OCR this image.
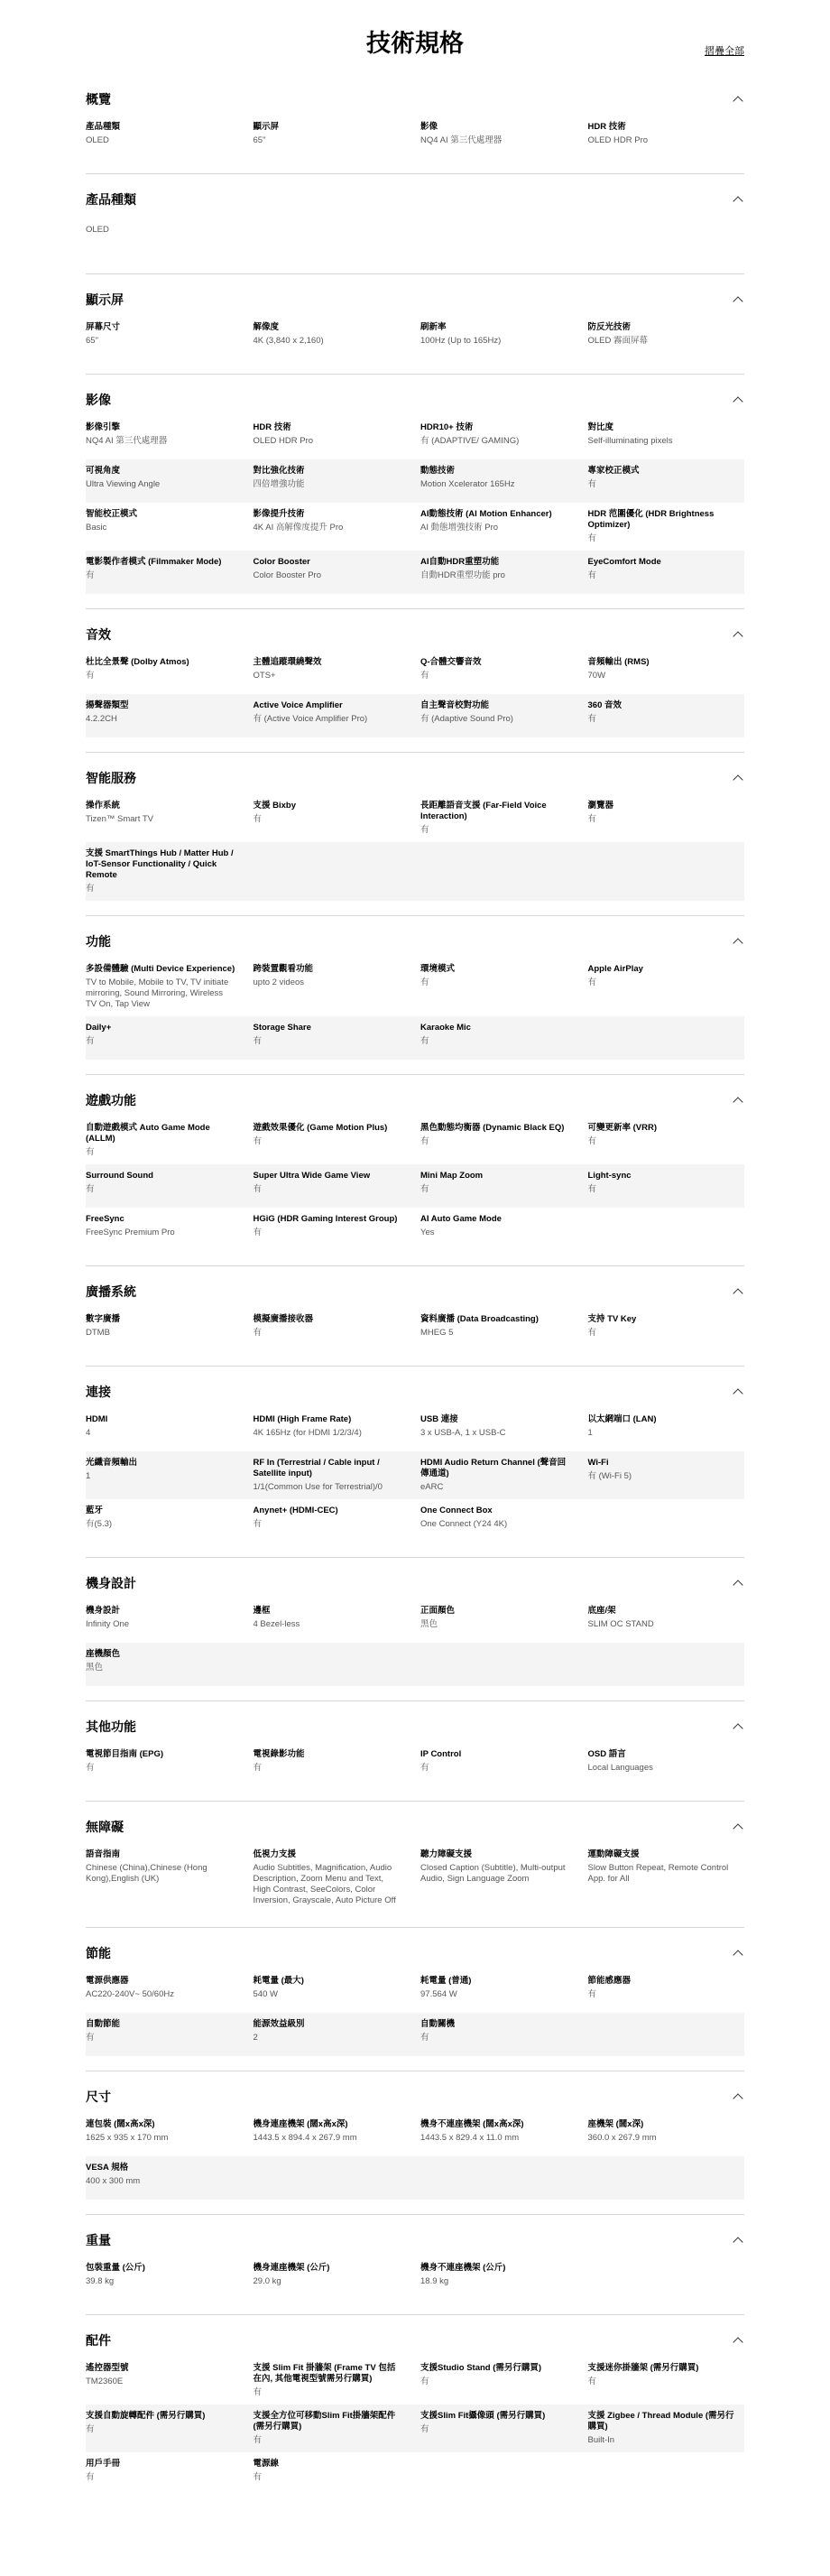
技術規格	摺疊全部
概覽
產品種類
OLED
顯示屏
65"
影像
NQ4 AI 第三代處理器
HDR 技術
OLED HDR Pro
產品種類
OLED
顯示屏
屏幕尺寸
65"
解像度
4K (3,840 x 2,160)
刷新率
100Hz (Up to 165Hz)
防反光技術
OLED 霧面屏幕
影像
影像引擎
NQ4 AI 第三代處理器
HDR 技術
OLED HDR Pro
HDR10+ 技術
有 (ADAPTIVE/ GAMING)
對比度
Self-illuminating pixels
可視角度
Ultra Viewing Angle
對比強化技術
四倍增強功能
動態技術
Motion Xcelerator 165Hz
專家校正模式
有
智能校正模式
Basic
影像提升技術
4K AI 高解像度提升 Pro
AI動態技術 (AI Motion Enhancer)
AI 動態增強技術 Pro
HDR 范圍優化 (HDR Brightness Optimizer)
有
電影製作者模式 (Filmmaker Mode)
有
Color Booster
Color Booster Pro
AI自動HDR重塑功能
自動HDR重塑功能 pro
EyeComfort Mode
有
音效
杜比全景聲 (Dolby Atmos)
有
主體追蹤環繞聲效
OTS+
Q-合體交響音效
有
音頻輸出 (RMS)
70W
揚聲器類型
4.2.2CH
Active Voice Amplifier
有 (Active Voice Amplifier Pro)
自主聲音校對功能
有 (Adaptive Sound Pro)
360 音效
有
智能服務
操作系統
Tizen™ Smart TV
支援 Bixby
有
長距離語音支援 (Far-Field Voice Interaction)
有
瀏覽器
有
支援 SmartThings Hub / Matter Hub / IoT-Sensor Functionality / Quick Remote
有
功能
多設備體驗 (Multi Device Experience)
TV to Mobile, Mobile to TV, TV initiate mirroring, Sound Mirroring, Wireless TV On, Tap View
跨裝置觀看功能
upto 2 videos
環境模式
有
Apple AirPlay
有
Daily+
有
Storage Share
有
Karaoke Mic
有
遊戲功能
自動遊戲模式 Auto Game Mode (ALLM)
有
遊戲效果優化 (Game Motion Plus)
有
黑色動態均衡器 (Dynamic Black EQ)
有
可變更新率 (VRR)
有
Surround Sound
有
Super Ultra Wide Game View
有
Mini Map Zoom
有
Light-sync
有
FreeSync
FreeSync Premium Pro
HGiG (HDR Gaming Interest Group)
有
AI Auto Game Mode
Yes
廣播系統
數字廣播
DTMB
模擬廣播接收器
有
資料廣播 (Data Broadcasting)
MHEG 5
支持 TV Key
有
連接
HDMI
4
HDMI (High Frame Rate)
4K 165Hz (for HDMI 1/2/3/4)
USB 連接
3 x USB-A, 1 x USB-C
以太網端口 (LAN)
1
光纖音頻輸出
1
RF In (Terrestrial / Cable input / Satellite input)
1/1(Common Use for Terrestrial)/0
HDMI Audio Return Channel (聲音回傳通道)
eARC
Wi-Fi
有 (Wi-Fi 5)
藍牙
有(5.3)
Anynet+ (HDMI-CEC)
有
One Connect Box
One Connect (Y24 4K)
機身設計
機身設計
Infinity One
邊框
4 Bezel-less
正面顏色
黑色
底座/架
SLIM OC STAND
座機顏色
黑色
其他功能
電視節目指南 (EPG)
有
電視錄影功能
有
IP Control
有
OSD 語言
Local Languages
無障礙
語音指南
Chinese (China),Chinese (Hong Kong),English (UK)
低視力支援
Audio Subtitles, Magnification, Audio Description, Zoom Menu and Text, High Contrast, SeeColors, Color Inversion, Grayscale, Auto Picture Off
聽力障礙支援
Closed Caption (Subtitle), Multi-output Audio, Sign Language Zoom
運動障礙支援
Slow Button Repeat, Remote Control App. for All
節能
電源供應器
AC220-240V~ 50/60Hz
耗電量 (最大)
540 W
耗電量 (普通)
97.564 W
節能感應器
有
自動節能
有
能源效益級別
2
自動關機
有
尺寸
連包裝 (闊x高x深)
1625 x 935 x 170 mm
機身連座機架 (闊x高x深)
1443.5 x 894.4 x 267.9 mm
機身不連座機架 (闊x高x深)
1443.5 x 829.4 x 11.0 mm
座機架 (闊x深)
360.0 x 267.9 mm
VESA 規格
400 x 300 mm
重量
包裝重量 (公斤)
39.8 kg
機身連座機架 (公斤)
29.0 kg
機身不連座機架 (公斤)
18.9 kg
配件
遙控器型號
TM2360E
支援 Slim Fit 掛牆架 (Frame TV 包括在內, 其他電視型號需另行購買)
有
支援Studio Stand (需另行購買)
有
支援迷你掛牆架 (需另行購買)
有
支援自動旋轉配件 (需另行購買)
有
支援全方位可移動Slim Fit掛牆架配件 (需另行購買)
有
支援Slim Fit攝像頭 (需另行購買)
有
支援 Zigbee / Thread Module (需另行購買)
Built-In
用戶手冊
有
電源線
有
